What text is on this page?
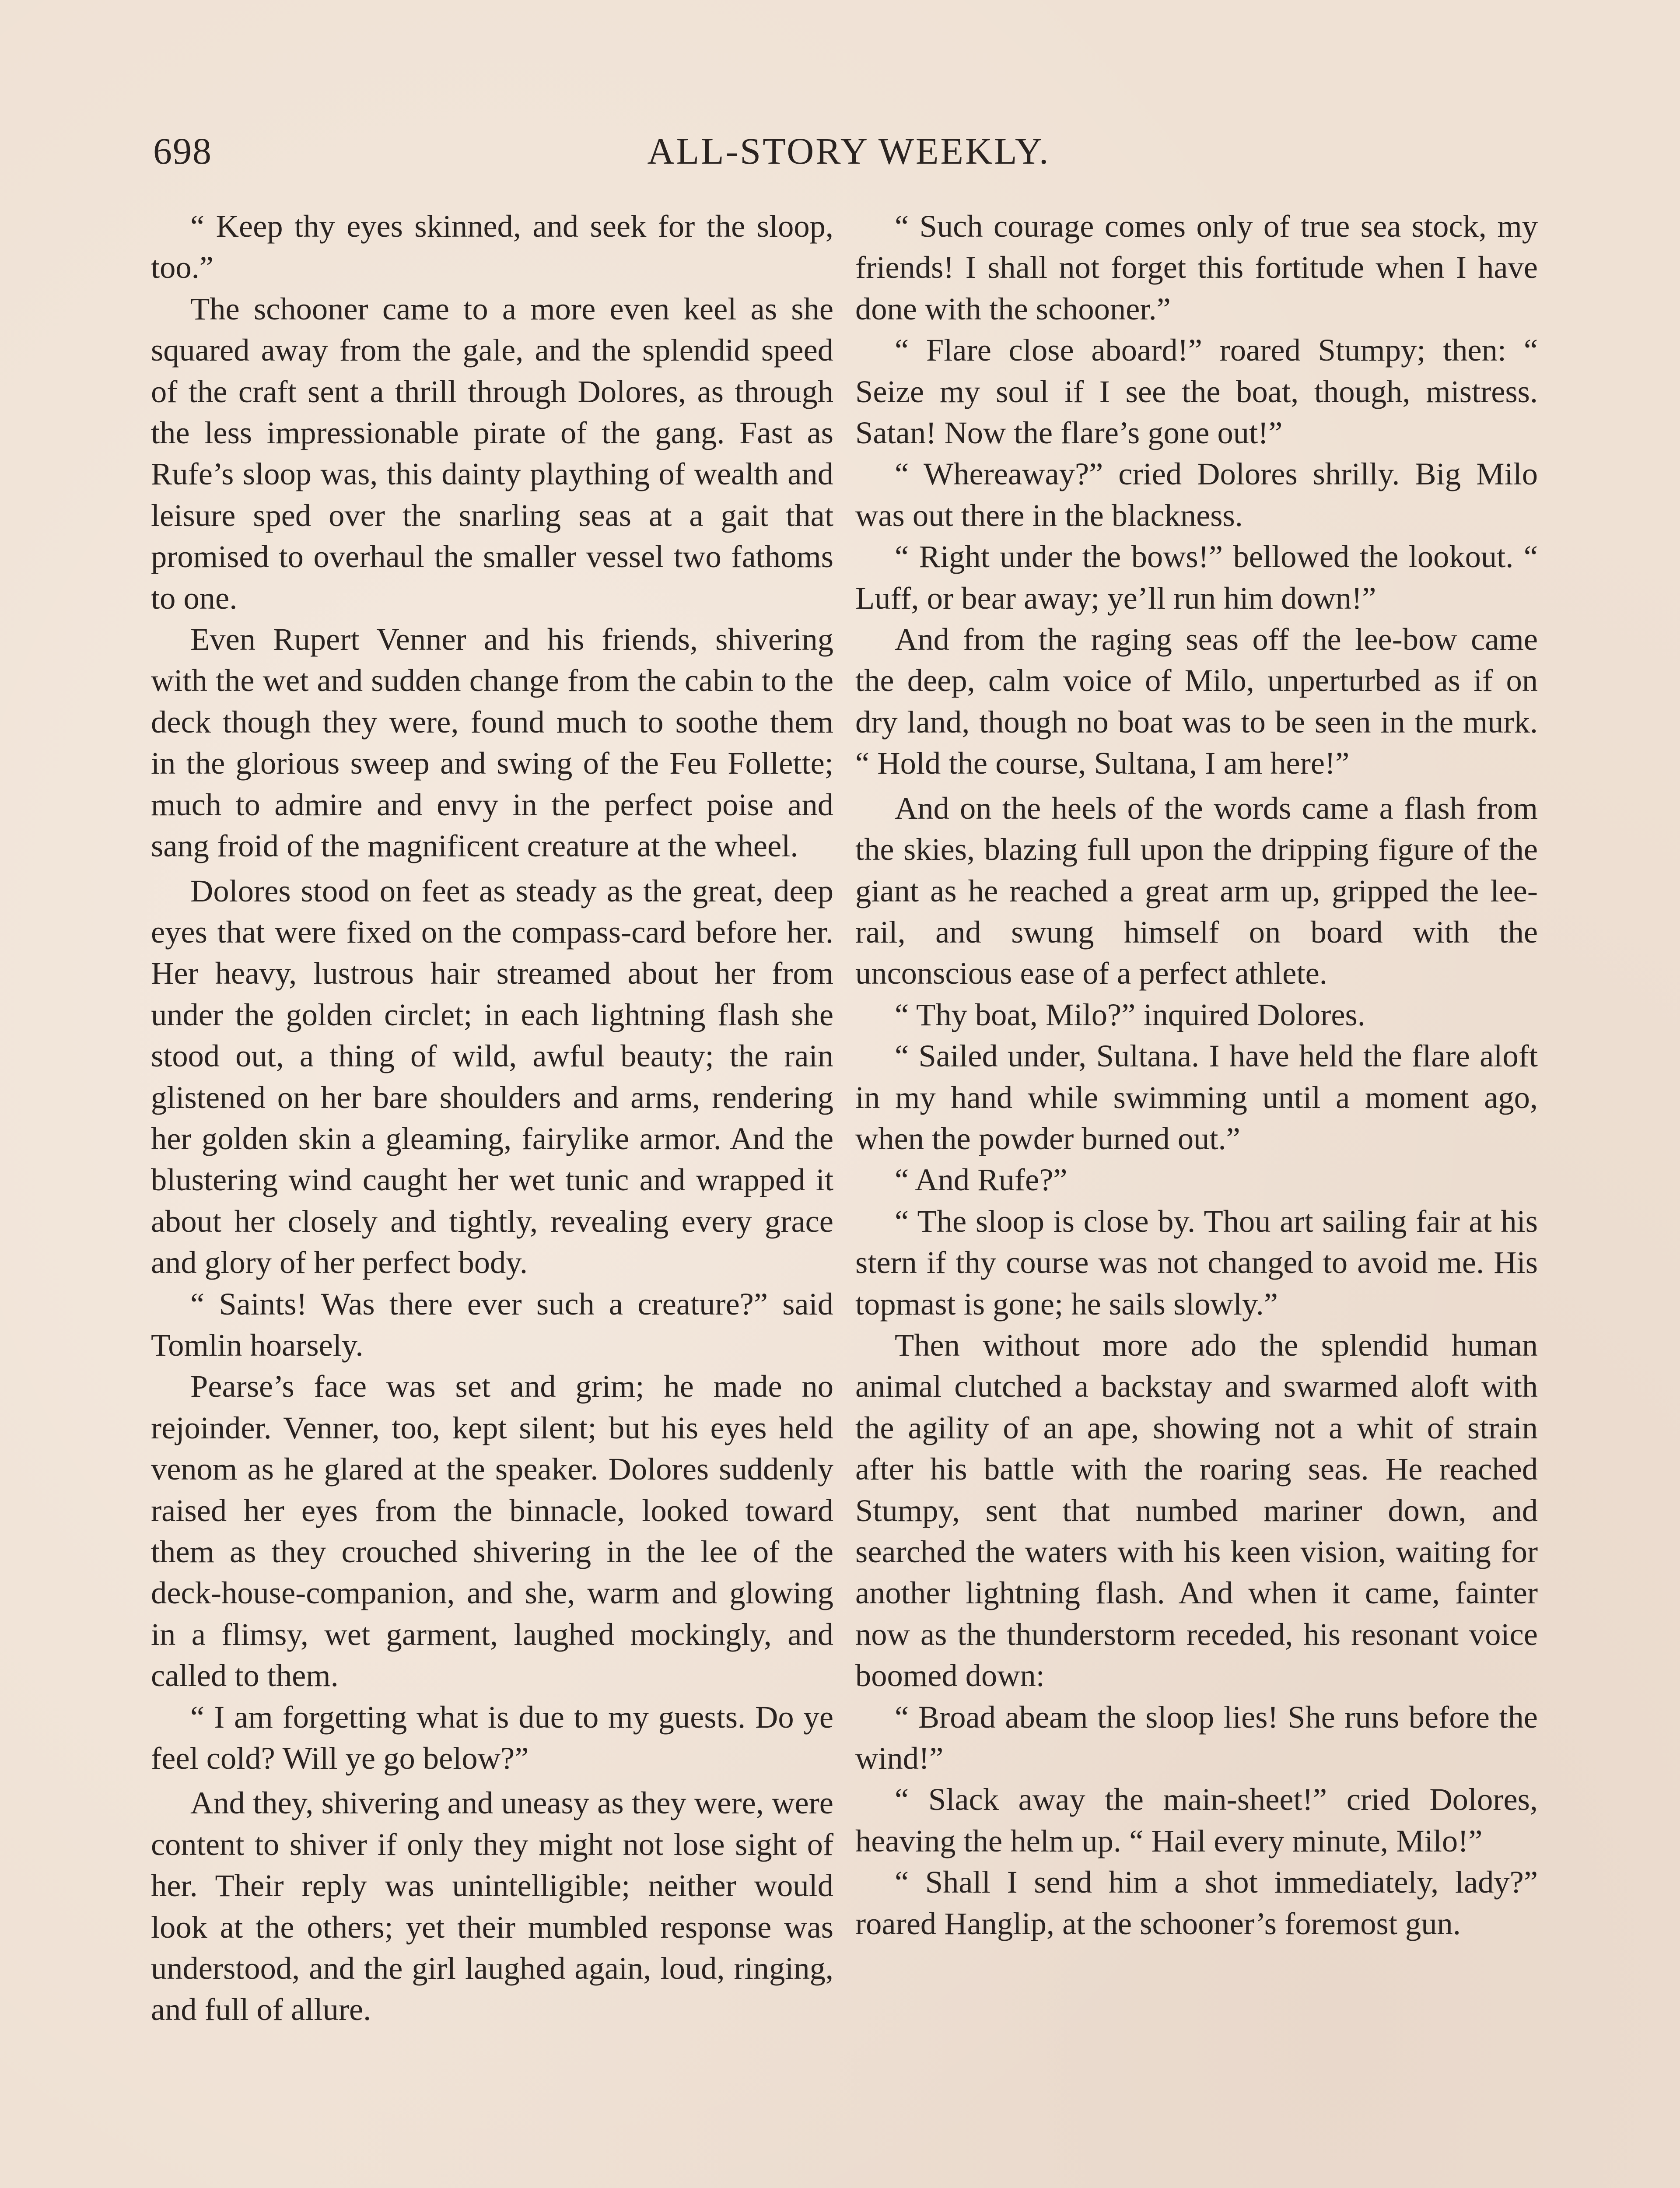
698	ALL-STORY WEEKLY.

“ Keep thy eyes skinned, and seek for the sloop, too.”

The schooner came to a more even keel as she squared away from the gale, and the splendid speed of the craft sent a thrill through Dolores, as through the less impressionable pirate of the gang. Fast as Rufe’s sloop was, this dainty plaything of wealth and leisure sped over the snarling seas at a gait that promised to overhaul the smaller vessel two fathoms to one.

Even Rupert Venner and his friends, shivering with the wet and sudden change from the cabin to the deck though they were, found much to soothe them in the glorious sweep and swing of the Feu Follette; much to admire and envy in the perfect poise and sang froid of the magnificent creature at the wheel.

Dolores stood on feet as steady as the great, deep eyes that were fixed on the compass-card before her. Her heavy, lustrous hair streamed about her from under the golden circlet; in each lightning flash she stood out, a thing of wild, awful beauty; the rain glistened on her bare shoulders and arms, rendering her golden skin a gleaming, fairylike armor. And the blustering wind caught her wet tunic and wrapped it about her closely and tightly, revealing every grace and glory of her perfect body.

“ Saints! Was there ever such a creature?” said Tomlin hoarsely.

Pearse’s face was set and grim; he made no rejoinder. Venner, too, kept silent; but his eyes held venom as he glared at the speaker. Dolores suddenly raised her eyes from the binnacle, looked toward them as they crouched shivering in the lee of the deck-house-companion, and she, warm and glowing in a flimsy, wet garment, laughed mockingly, and called to them.

“ I am forgetting what is due to my guests. Do ye feel cold? Will ye go below?”

And they, shivering and uneasy as they were, were content to shiver if only they might not lose sight of her. Their reply was unintelligible; neither would look at the others; yet their mumbled response was understood, and the girl laughed again, loud, ringing, and full of allure.

“ Such courage comes only of true sea stock, my friends! I shall not forget this fortitude when I have done with the schooner.”

“ Flare close aboard!” roared Stumpy; then: “ Seize my soul if I see the boat, though, mistress. Satan! Now the flare’s gone out!”

“ Whereaway?” cried Dolores shrilly. Big Milo was out there in the blackness.

“ Right under the bows!” bellowed the lookout. “ Luff, or bear away; ye’ll run him down!”

And from the raging seas off the lee-bow came the deep, calm voice of Milo, unperturbed as if on dry land, though no boat was to be seen in the murk. “ Hold the course, Sultana, I am here!”

And on the heels of the words came a flash from the skies, blazing full upon the dripping figure of the giant as he reached a great arm up, gripped the lee-rail, and swung himself on board with the unconscious ease of a perfect athlete.

“ Thy boat, Milo?” inquired Dolores.

“ Sailed under, Sultana. I have held the flare aloft in my hand while swimming until a moment ago, when the powder burned out.”

“ And Rufe?”

“ The sloop is close by. Thou art sailing fair at his stern if thy course was not changed to avoid me. His topmast is gone; he sails slowly.”

Then without more ado the splendid human animal clutched a backstay and swarmed aloft with the agility of an ape, showing not a whit of strain after his battle with the roaring seas. He reached Stumpy, sent that numbed mariner down, and searched the waters with his keen vision, waiting for another lightning flash. And when it came, fainter now as the thunderstorm receded, his resonant voice boomed down:

“ Broad abeam the sloop lies! She runs before the wind!”

“ Slack away the main-sheet!” cried Dolores, heaving the helm up. “ Hail every minute, Milo!”

“ Shall I send him a shot immediately, lady?” roared Hanglip, at the schooner’s foremost gun.
